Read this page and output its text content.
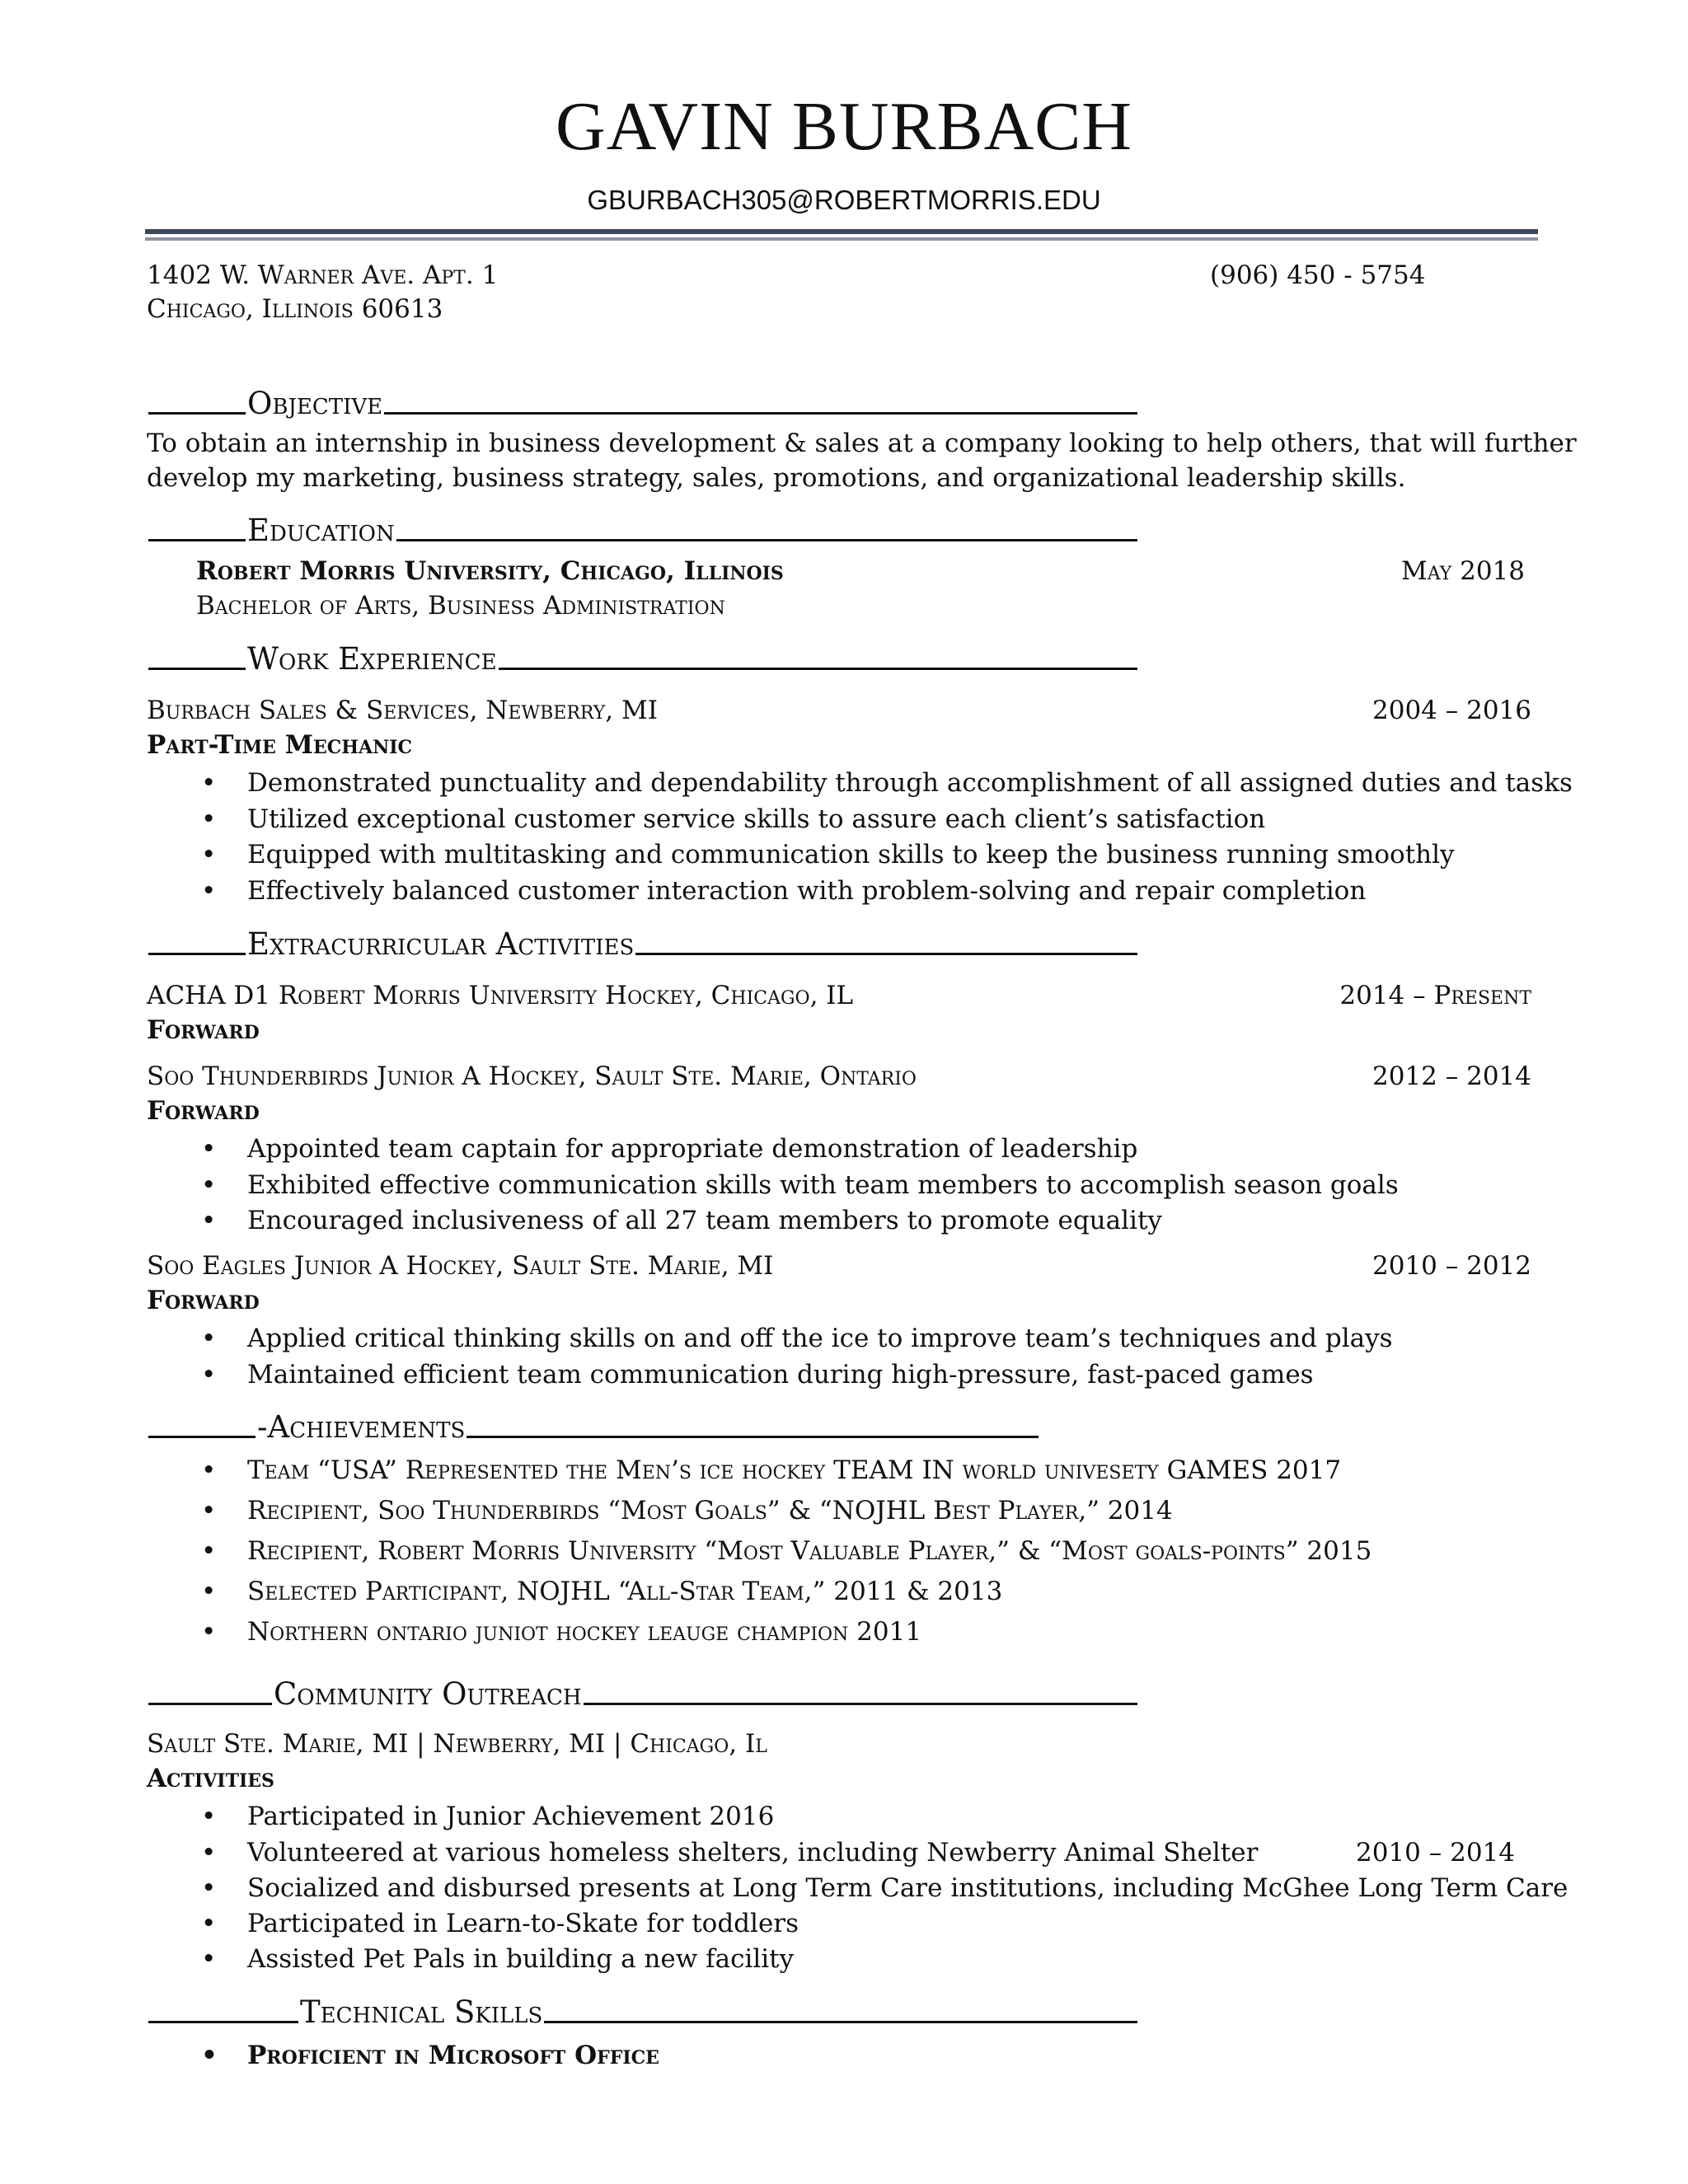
GAVIN BURBACH
GBURBACH305@ROBERTMORRIS.EDU
1402 W. Warner Ave. Apt. 1
Chicago, Illinois 60613
(906) 450 - 5754
Objective
To obtain an internship in business development & sales at a company looking to help others, that will further
develop my marketing, business strategy, sales, promotions, and organizational leadership skills.
Education
Robert Morris University, Chicago, Illinois	May 2018
Bachelor of Arts, Business Administration
Work Experience
Burbach Sales & Services, Newberry, MI	2004 – 2016
Part-Time Mechanic
• Demonstrated punctuality and dependability through accomplishment of all assigned duties and tasks
• Utilized exceptional customer service skills to assure each client’s satisfaction
• Equipped with multitasking and communication skills to keep the business running smoothly
• Effectively balanced customer interaction with problem-solving and repair completion
Extracurricular Activities
ACHA D1 Robert Morris University Hockey, Chicago, IL	2014 – Present
Forward
Soo Thunderbirds Junior A Hockey, Sault Ste. Marie, Ontario	2012 – 2014
Forward
• Appointed team captain for appropriate demonstration of leadership
• Exhibited effective communication skills with team members to accomplish season goals
• Encouraged inclusiveness of all 27 team members to promote equality
Soo Eagles Junior A Hockey, Sault Ste. Marie, MI	2010 – 2012
Forward
• Applied critical thinking skills on and off the ice to improve team’s techniques and plays
• Maintained efficient team communication during high-pressure, fast-paced games
-Achievements
• Team “USA” Represented the Men’s ice hockey TEAM IN world univesety GAMES 2017
• Recipient, Soo Thunderbirds “Most Goals” & “NOJHL Best Player,” 2014
• Recipient, Robert Morris University “Most Valuable Player,” & “Most goals-points” 2015
• Selected Participant, NOJHL “All-Star Team,” 2011 & 2013
• Northern ontario juniot hockey leauge champion 2011
Community Outreach
Sault Ste. Marie, MI | Newberry, MI | Chicago, Il
Activities
• Participated in Junior Achievement 2016
• Volunteered at various homeless shelters, including Newberry Animal Shelter	2010 – 2014
• Socialized and disbursed presents at Long Term Care institutions, including McGhee Long Term Care
• Participated in Learn-to-Skate for toddlers
• Assisted Pet Pals in building a new facility
Technical Skills
• Proficient in Microsoft Office
